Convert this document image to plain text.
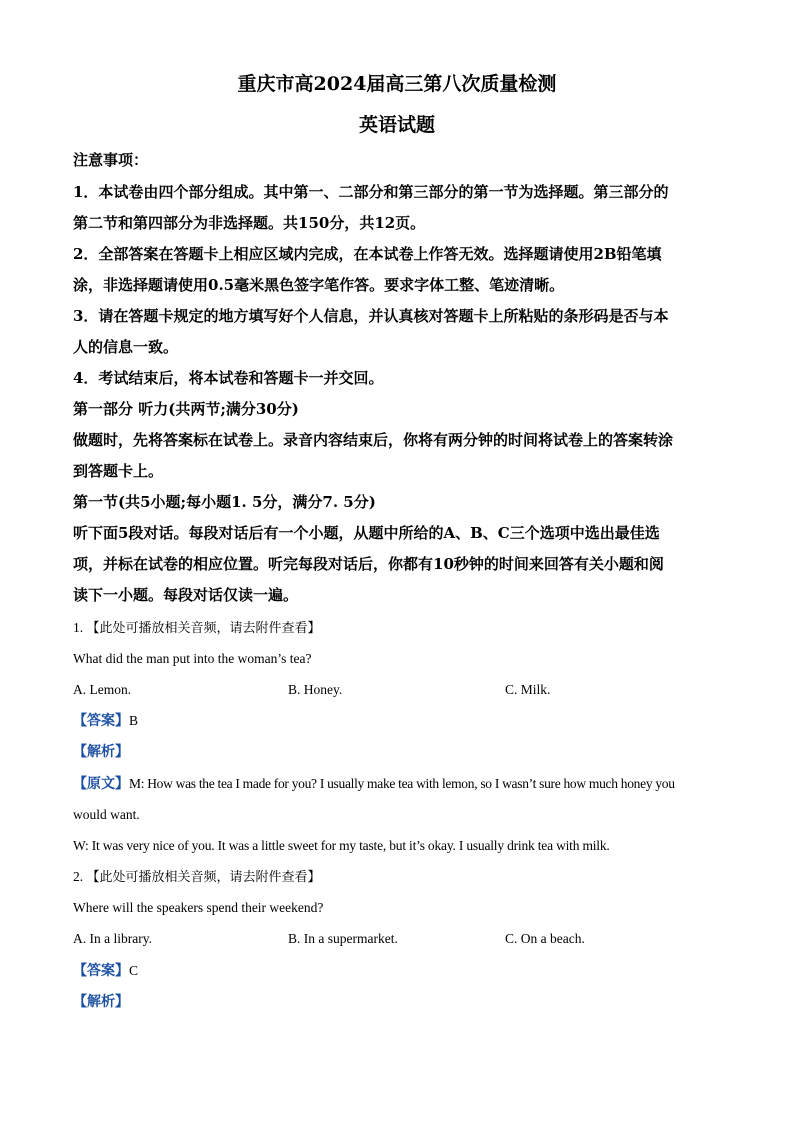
重庆市高2024届高三第八次质量检测
英语试题
注意事项：
1．本试卷由四个部分组成。其中第一、二部分和第三部分的第一节为选择题。第三部分的
第二节和第四部分为非选择题。共150分，共12页。
2．全部答案在答题卡上相应区域内完成，在本试卷上作答无效。选择题请使用2B铅笔填
涂，非选择题请使用0.5毫米黑色签字笔作答。要求字体工整、笔迹清晰。
3．请在答题卡规定的地方填写好个人信息，并认真核对答题卡上所粘贴的条形码是否与本
人的信息一致。
4．考试结束后，将本试卷和答题卡一并交回。
第一部分 听力(共两节;满分30分)
做题时，先将答案标在试卷上。录音内容结束后，你将有两分钟的时间将试卷上的答案转涂
到答题卡上。
第一节(共5小题;每小题1. 5分，满分7. 5分)
听下面5段对话。每段对话后有一个小题，从题中所给的A、B、C三个选项中选出最佳选
项，并标在试卷的相应位置。听完每段对话后，你都有10秒钟的时间来回答有关小题和阅
读下一小题。每段对话仅读一遍。
1. 【此处可播放相关音频，请去附件查看】
What did the man put into the woman’s tea?
A. Lemon.	B. Honey.	C. Milk.
【答案】B
【解析】
【原文】M: How was the tea I made for you? I usually make tea with lemon, so I wasn’t sure how much honey you
would want.
W: It was very nice of you. It was a little sweet for my taste, but it’s okay. I usually drink tea with milk.
2. 【此处可播放相关音频，请去附件查看】
Where will the speakers spend their weekend?
A. In a library.	B. In a supermarket.	C. On a beach.
【答案】C
【解析】
